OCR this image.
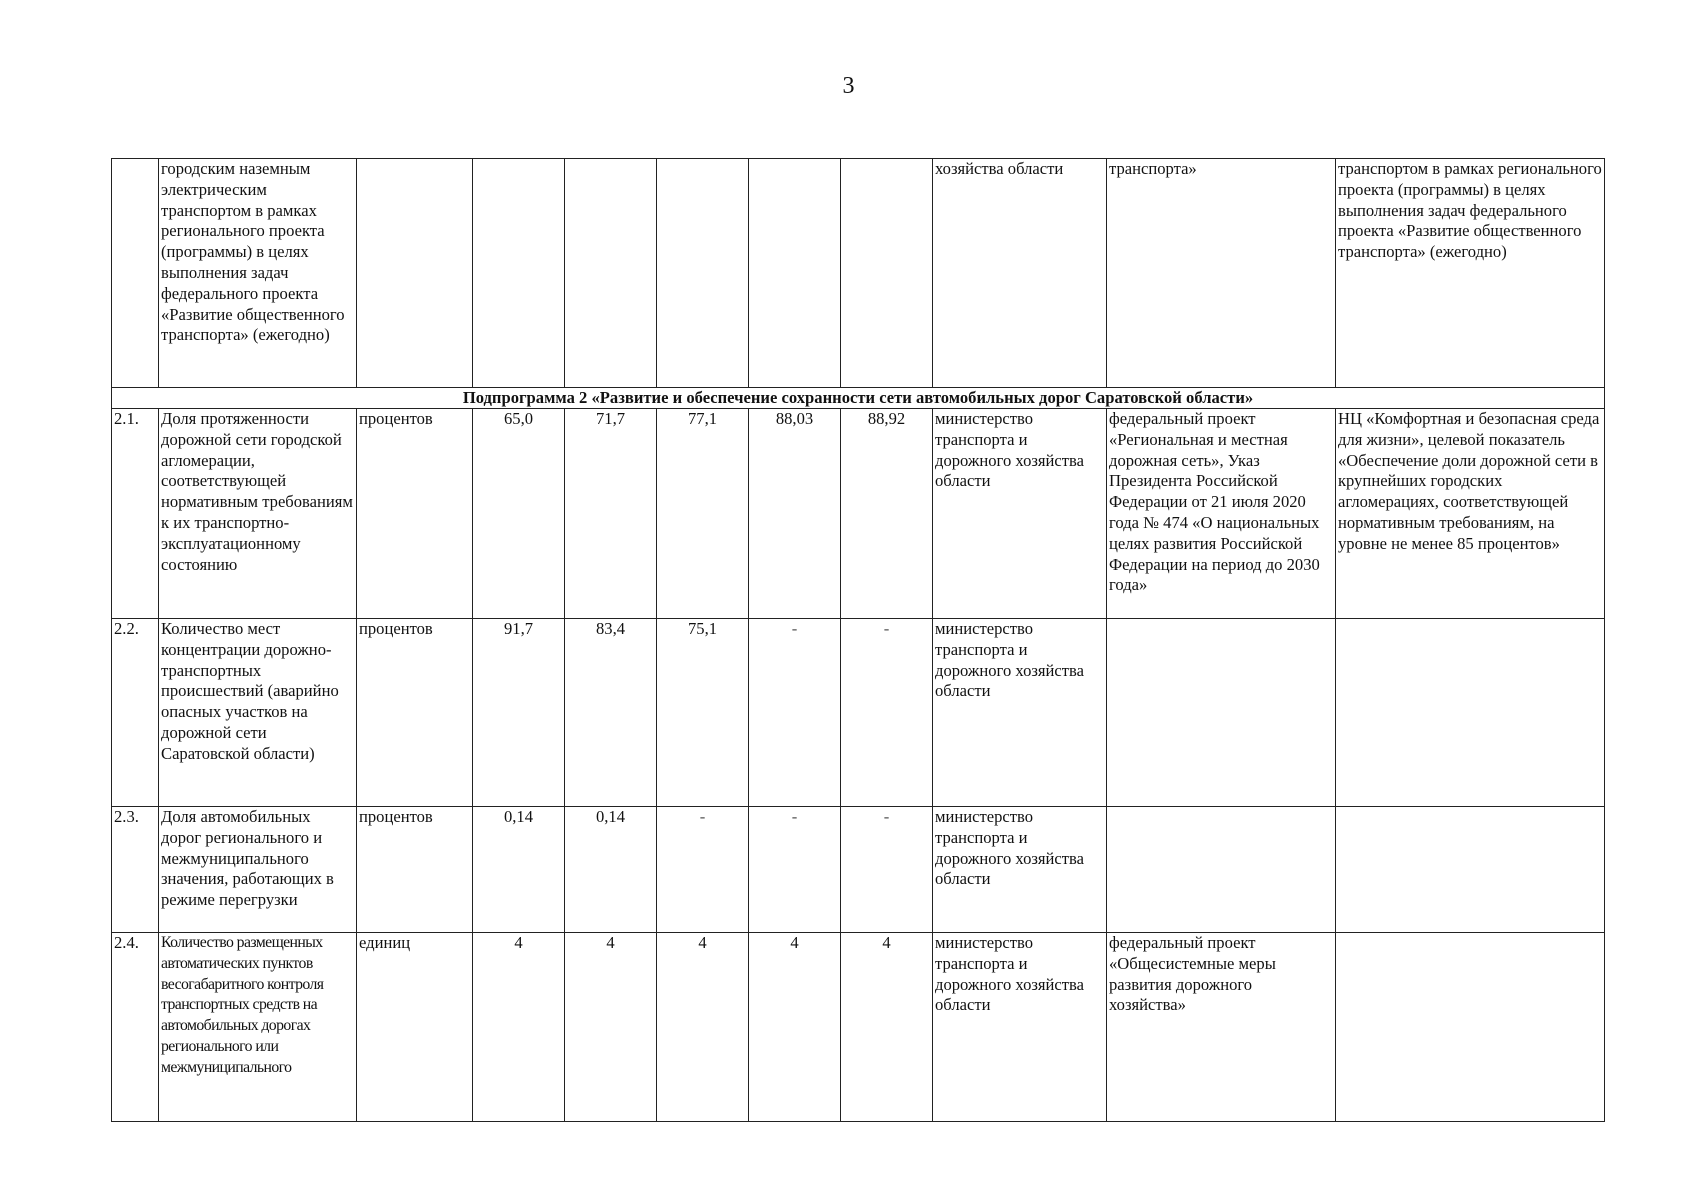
3
	городским наземным электрическим транспортом в рамках регионального проекта (программы) в целях выполнения задач федерального проекта «Развитие общественного транспорта» (ежегодно)							хозяйства области	транспорта»	транспортом в рамках регионального проекта (программы) в целях выполнения задач федерального проекта «Развитие общественного транспорта» (ежегодно)
Подпрограмма 2 «Развитие и обеспечение сохранности сети автомобильных дорог Саратовской области»										
2.1.	Доля протяженности дорожной сети городской агломерации, соответствующей нормативным требованиям к их транспортно-эксплуатационному состоянию	процентов	65,0	71,7	77,1	88,03	88,92	министерство транспорта и дорожного хозяйства области	федеральный проект «Региональная и местная дорожная сеть», Указ Президента Российской Федерации от 21 июля 2020 года № 474 «О национальных целях развития Российской Федерации на период до 2030 года»	НЦ «Комфортная и безопасная среда для жизни», целевой показатель «Обеспечение доли дорожной сети в крупнейших городских агломерациях, соответствующей нормативным требованиям, на уровне не менее 85 процентов»
2.2.	Количество мест концентрации дорожно-транспортных происшествий (аварийно опасных участков на дорожной сети Саратовской области)	процентов	91,7	83,4	75,1	-	-	министерство транспорта и дорожного хозяйства области		
2.3.	Доля автомобильных дорог регионального и межмуниципального значения, работающих в режиме перегрузки	процентов	0,14	0,14	-	-	-	министерство транспорта и дорожного хозяйства области		
2.4.	Количество размещенных автоматических пунктов весогабаритного контроля транспортных средств на автомобильных дорогах регионального или межмуниципального	единиц	4	4	4	4	4	министерство транспорта и дорожного хозяйства области	федеральный проект «Общесистемные меры развития дорожного хозяйства»	
